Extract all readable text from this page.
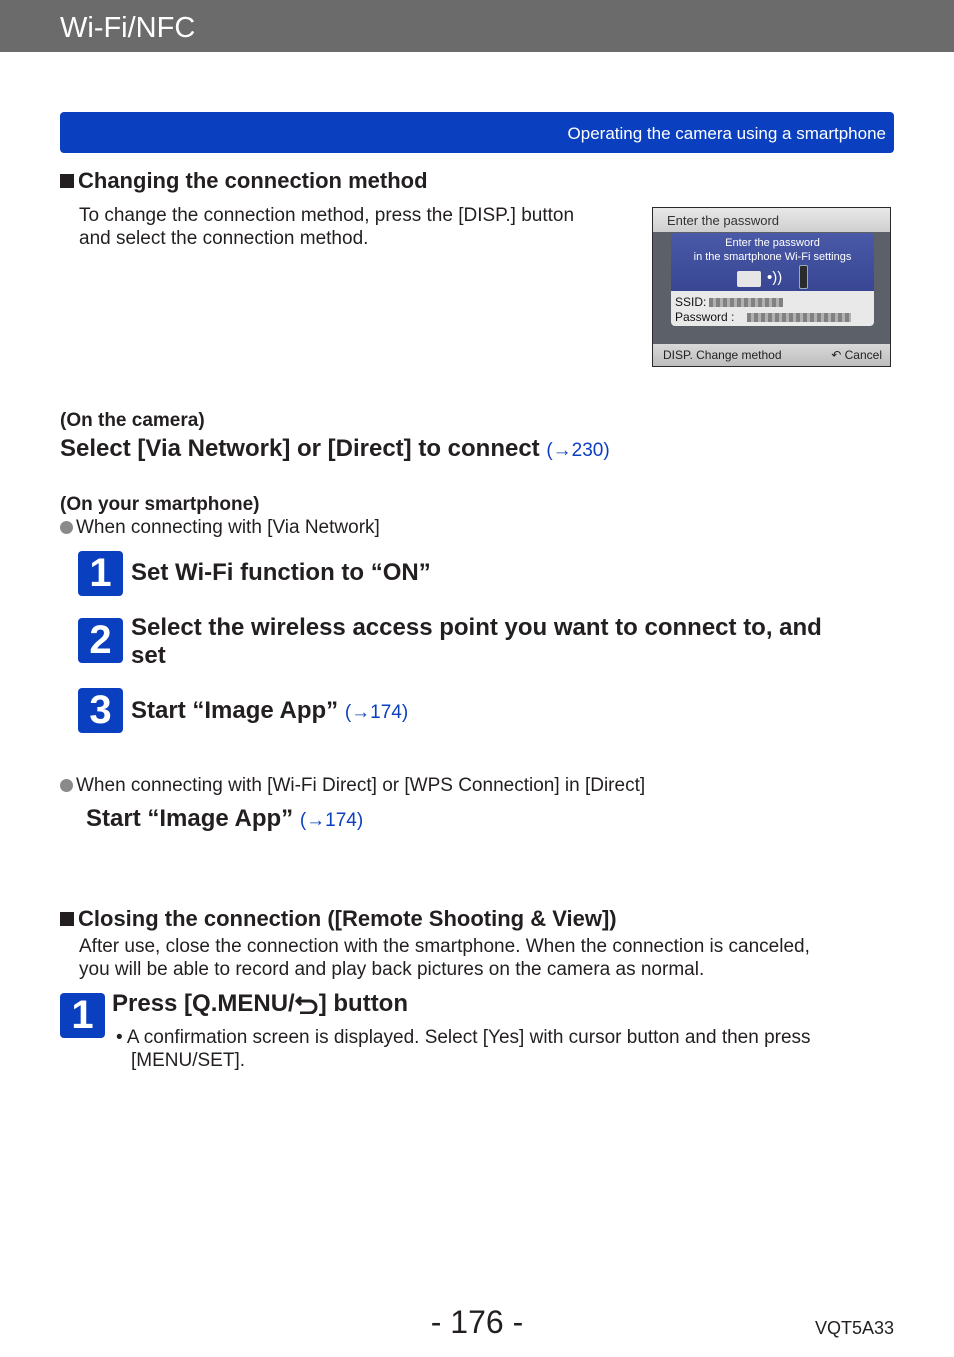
Wi-Fi/NFC
Operating the camera using a smartphone
Changing the connection method
To change the connection method, press the [DISP.] button
and select the connection method.
Enter the password
Enter the password
in the smartphone Wi-Fi settings
•))
SSID:
Password :
DISP. Change method	↶ Cancel
(On the camera)
Select [Via Network] or [Direct] to connect (→230)
(On your smartphone)
When connecting with [Via Network]
1 Set Wi-Fi function to “ON”
2 Select the wireless access point you want to connect to, and
set
3 Start “Image App” (→174)
When connecting with [Wi-Fi Direct] or [WPS Connection] in [Direct]
Start “Image App” (→174)
Closing the connection ([Remote Shooting & View])
After use, close the connection with the smartphone. When the connection is canceled,
you will be able to record and play back pictures on the camera as normal.
1 Press [Q.MENU/ ] button
• A confirmation screen is displayed. Select [Yes] with cursor button and then press
[MENU/SET].
- 176 -	VQT5A33
